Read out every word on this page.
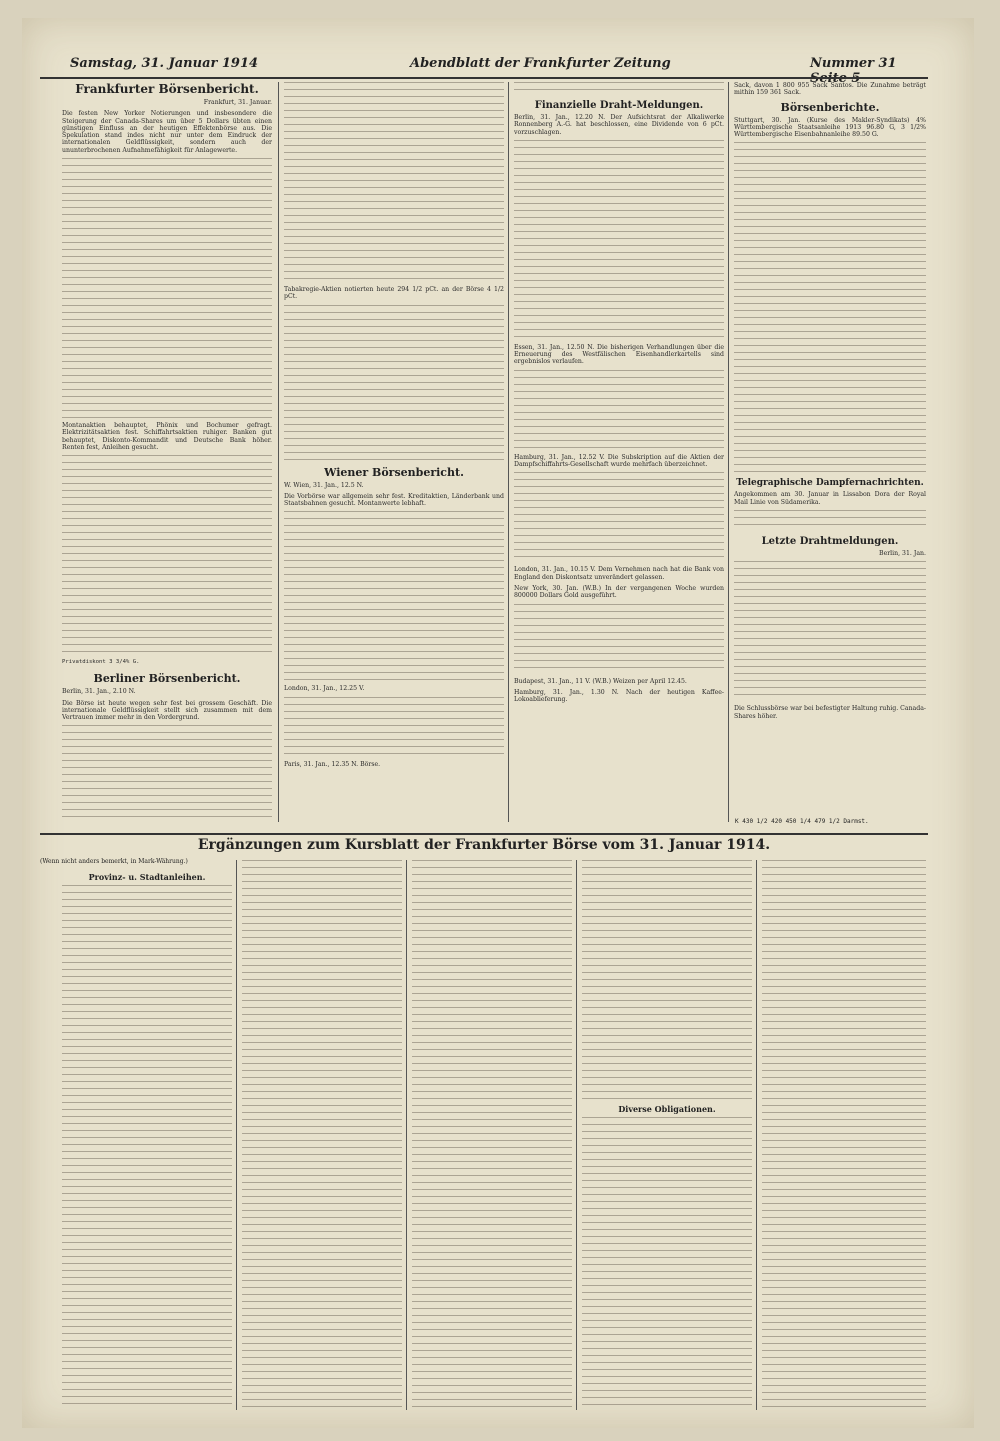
Samstag, 31. Januar 1914	Abendblatt der Frankfurter Zeitung	Nummer 31 Seite 5
Frankfurter Börsenbericht.
Frankfurt, 31. Januar.
Die festen New Yorker Notierungen und insbesondere die Steigerung der Canada-Shares um über 5 Dollars übten einen günstigen Einfluss an der heutigen Effektenbörse aus. Die Spekulation stand indes nicht nur unter dem Eindruck der internationalen Geldflüssigkeit, sondern auch der ununterbrochenen Aufnahmefähigkeit für Anlagewerte.
Montanaktien behauptet, Phönix und Bochumer gefragt. Elektrizitätsaktien fest. Schiffahrtsaktien ruhiger. Banken gut behauptet, Diskonto-Kommandit und Deutsche Bank höher. Renten fest, Anleihen gesucht.
Privatdiskont 3 3/4% G.
Berliner Börsenbericht.
Berlin, 31. Jan., 2.10 N.
Die Börse ist heute wegen sehr fest bei grossem Geschäft. Die internationale Geldflüssigkeit stellt sich zusammen mit dem Vertrauen immer mehr in den Vordergrund.
Tabakregie-Aktien notierten heute 294 1/2 pCt. an der Börse 4 1/2 pCt.
Wiener Börsenbericht.
W. Wien, 31. Jan., 12.5 N.
Die Vorbörse war allgemein sehr fest. Kreditaktien, Länderbank und Staatsbahnen gesucht. Montanwerte lebhaft.
London, 31. Jan., 12.25 V.
Paris, 31. Jan., 12.35 N. Börse.
Finanzielle Draht-Meldungen.
Berlin, 31. Jan., 12.20 N. Der Aufsichtsrat der Alkaliwerke Ronnenberg A.-G. hat beschlossen, eine Dividende von 6 pCt. vorzuschlagen.
Essen, 31. Jan., 12.50 N. Die bisherigen Verhandlungen über die Erneuerung des Westfälischen Eisenhandlerkartells sind ergebnislos verlaufen.
Hamburg, 31. Jan., 12.52 V. Die Subskription auf die Aktien der Dampfschiffahrts-Gesellschaft wurde mehrfach überzeichnet.
London, 31. Jan., 10.15 V. Dem Vernehmen nach hat die Bank von England den Diskontsatz unverändert gelassen.
New York, 30. Jan. (W.B.) In der vergangenen Woche wurden 800000 Dollars Gold ausgeführt.
Budapest, 31. Jan., 11 V. (W.B.) Weizen per April 12.45.
Hamburg, 31. Jan., 1.30 N. Nach der heutigen Kaffee-Lokoablieferung.
Sack, davon 1 800 955 Sack Santos. Die Zunahme beträgt mithin 159 361 Sack.
Börsenberichte.
Stuttgart, 30. Jan. (Kurse des Makler-Syndikats) 4% Württembergische Staatsanleihe 1913 96.80 G, 3 1/2% Württembergische Eisenbahnanleihe 89.50 G.
Telegraphische Dampfernachrichten.
Angekommen am 30. Januar in Lissabon Dora der Royal Mail Linie von Südamerika.
Letzte Drahtmeldungen.
Berlin, 31. Jan.
Die Schlussbörse war bei befestigter Haltung ruhig. Canada-Shares höher.
K 430 1/2 420 450 1/4 479 1/2 Darmst.
Ergänzungen zum Kursblatt der Frankfurter Börse vom 31. Januar 1914.
(Wenn nicht anders bemerkt, in Mark-Währung.)
Provinz- u. Stadtanleihen.
Diverse Obligationen.
